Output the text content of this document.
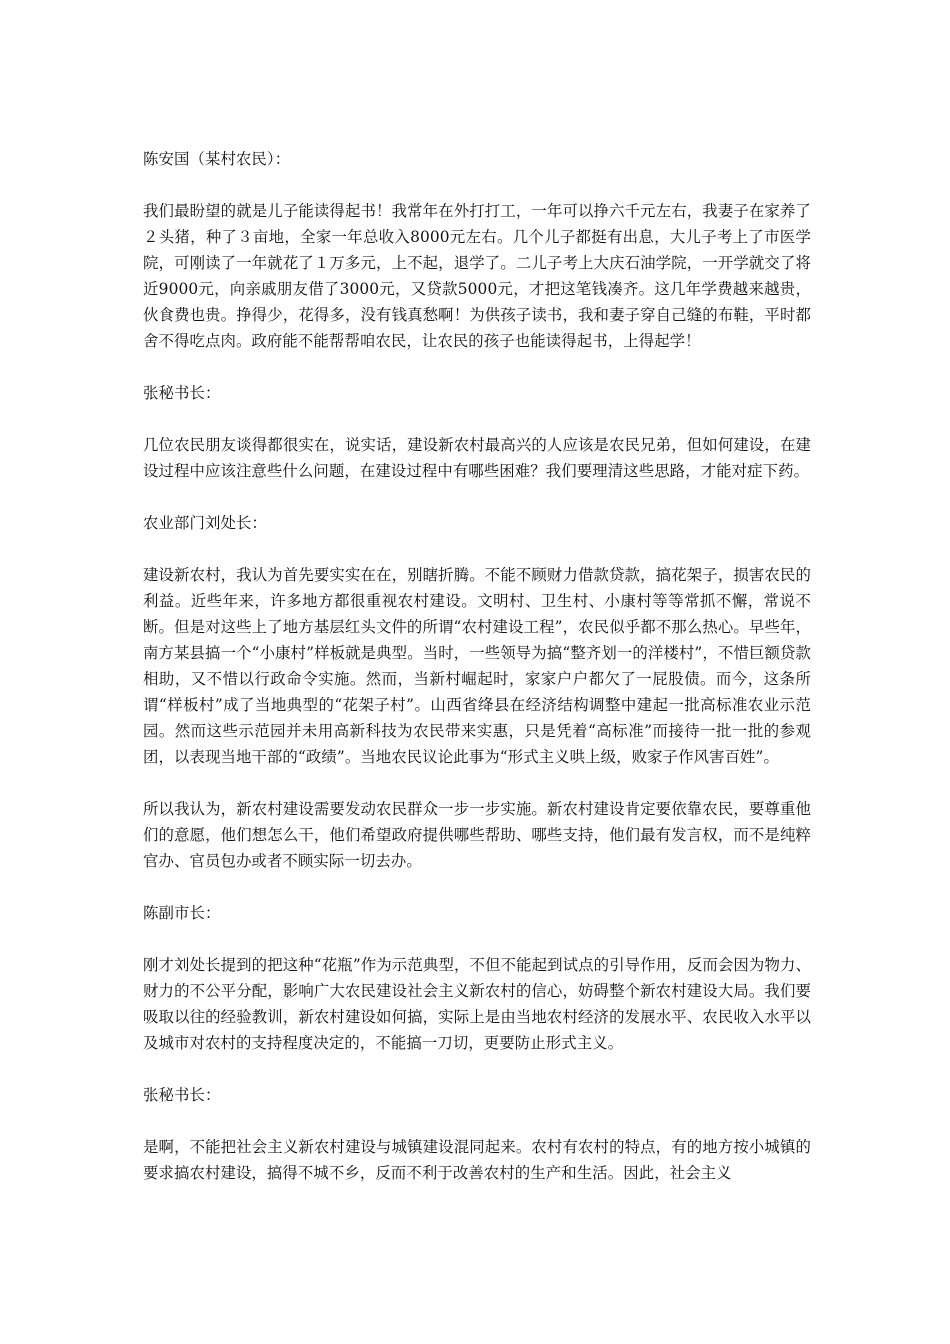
陈安国（某村农民）：

我们最盼望的就是儿子能读得起书！我常年在外打打工，一年可以挣六千元左右，我妻子在家养了２头猪，种了３亩地，全家一年总收入8000元左右。几个儿子都挺有出息，大儿子考上了市医学院，可刚读了一年就花了１万多元，上不起，退学了。二儿子考上大庆石油学院，一开学就交了将近9000元，向亲戚朋友借了3000元，又贷款5000元，才把这笔钱凑齐。这几年学费越来越贵，伙食费也贵。挣得少，花得多，没有钱真愁啊！为供孩子读书，我和妻子穿自己缝的布鞋，平时都舍不得吃点肉。政府能不能帮帮咱农民，让农民的孩子也能读得起书，上得起学！

张秘书长：

几位农民朋友谈得都很实在，说实话，建设新农村最高兴的人应该是农民兄弟，但如何建设，在建设过程中应该注意些什么问题，在建设过程中有哪些困难？我们要理清这些思路，才能对症下药。

农业部门刘处长：

建设新农村，我认为首先要实实在在，别瞎折腾。不能不顾财力借款贷款，搞花架子，损害农民的利益。近些年来，许多地方都很重视农村建设。文明村、卫生村、小康村等等常抓不懈，常说不断。但是对这些上了地方基层红头文件的所谓“农村建设工程”，农民似乎都不那么热心。早些年，南方某县搞一个“小康村”样板就是典型。当时，一些领导为搞“整齐划一的洋楼村”，不惜巨额贷款相助，又不惜以行政命令实施。然而，当新村崛起时，家家户户都欠了一屁股债。而今，这条所谓“样板村”成了当地典型的“花架子村”。山西省绛县在经济结构调整中建起一批高标准农业示范园。然而这些示范园并未用高新科技为农民带来实惠，只是凭着“高标准”而接待一批一批的参观团，以表现当地干部的“政绩”。当地农民议论此事为“形式主义哄上级，败家子作风害百姓”。

所以我认为，新农村建设需要发动农民群众一步一步实施。新农村建设肯定要依靠农民，要尊重他们的意愿，他们想怎么干，他们希望政府提供哪些帮助、哪些支持，他们最有发言权，而不是纯粹官办、官员包办或者不顾实际一切去办。

陈副市长：

刚才刘处长提到的把这种“花瓶”作为示范典型，不但不能起到试点的引导作用，反而会因为物力、财力的不公平分配，影响广大农民建设社会主义新农村的信心，妨碍整个新农村建设大局。我们要吸取以往的经验教训，新农村建设如何搞，实际上是由当地农村经济的发展水平、农民收入水平以及城市对农村的支持程度决定的，不能搞一刀切，更要防止形式主义。

张秘书长：

是啊，不能把社会主义新农村建设与城镇建设混同起来。农村有农村的特点，有的地方按小城镇的要求搞农村建设，搞得不城不乡，反而不利于改善农村的生产和生活。因此，社会主义
